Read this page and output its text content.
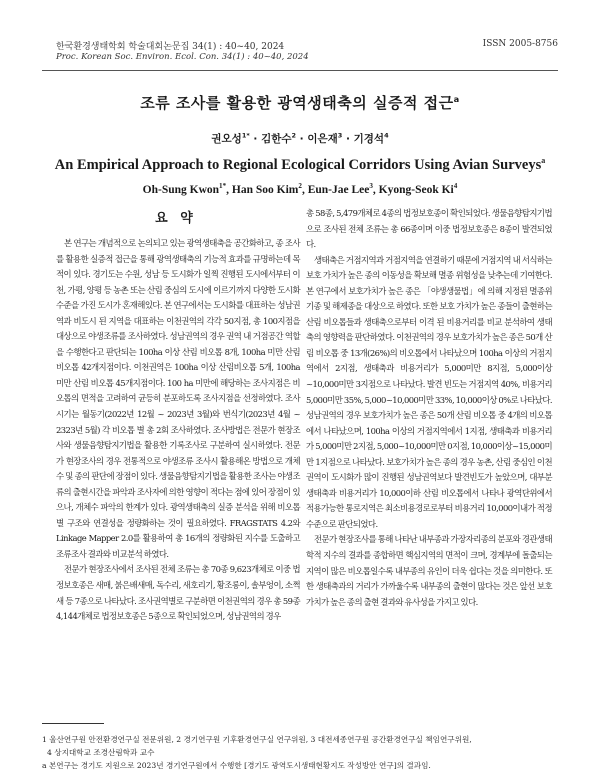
한국환경생태학회 학술대회논문집 34(1) : 40~40, 2024	ISSN 2005-8756
Proc. Korean Soc. Environ. Ecol. Con. 34(1) : 40~40, 2024
조류 조사를 활용한 광역생태축의 실증적 접근$^a$
권오성$^{1*}$ · 김한수$^2$ · 이은재$^3$ · 기경석$^4$
An Empirical Approach to Regional Ecological Corridors Using Avian Surveys$^a$
Oh-Sung Kwon$^{1*}$, Han Soo Kim$^2$, Eun-Jae Lee$^3$, Kyong-Seok Ki$^4$
요 약

본 연구는 개념적으로 논의되고 있는 광역생태축을 공간화하고, 종 조사를 활용한 실증적 접근을 통해 광역생태축의 기능적 효과를 규명하는데 목적이 있다. 경기도는 수원, 성남 등 도시화가 일찍 진행된 도시에서부터 이천, 가평, 양평 등 농촌 또는 산림 중심의 도시에 이르기까지 다양한 도시화 수준을 가진 도시가 혼재해있다. 본 연구에서는 도시화를 대표하는 성남권역과 비도시 된 지역을 대표하는 이천권역의 각각 50지점, 총 100지점을 대상으로 야생조류를 조사하였다. 성남권역의 경우 권역 내 거점공간 역할을 수행한다고 판단되는 100ha 이상 산림 비오톱 8개, 100ha 미만 산림 비오톱 42개지점이다. 이천권역은 100ha 이상 산림비오톱 5개, 100ha 미만 산림 비오톱 45개지점이다. 100 ha 미만에 해당하는 조사지점은 비오톱의 면적을 고려하여 균등히 분포하도록 조사지점을 선정하였다. 조사시기는 월동기(2022년 12월 ~ 2023년 3월)와 번식기(2023년 4월 ~ 2323년 5월) 각 비오톱 별 총 2회 조사하였다. 조사방법은 전문가 현장조사와 생물음향탐지기법을 활용한 기록조사로 구분하여 실시하였다. 전문가 현장조사의 경우 전통적으로 야생조류 조사시 활용해온 방법으로 개체수 및 종의 판단에 장점이 있다. 생물음향탐지기법을 활용한 조사는 야생조류의 출현시간을 파악과 조사자에 의한 영향이 적다는 점에 있어 장점이 있으나, 개체수 파악의 한계가 있다. 광역생태축의 실증 분석을 위해 비오톱별 구조와 연결성을 정량화하는 것이 필요하였다. FRAGSTATS 4.2와 Linkage Mapper 2.0를 활용하여 총 16개의 정량화된 지수를 도출하고 조류조사 결과와 비교분석 하였다.

전문가 현장조사에서 조사된 전체 조류는 총 70종 9,623개체로 이중 법정보호종은 새매, 붉은배새매, 독수리, 새호리기, 황조롱이, 솔부엉이, 소쩍새 등 7종으로 나타났다. 조사권역별로 구분하면 이천권역의 경우 총 59종 4,144개체로 법정보호종은 5종으로 확인되었으며, 성남권역의 경우

총 58종, 5,479개체로 4종의 법정보호종이 확인되었다. 생물음향탐지기법으로 조사된 전체 조류는 총 66종이며 이중 법정보호종은 8종이 발견되었다.

생태축은 거점지역과 거점지역을 연결하기 때문에 거점지역 내 서식하는 보호 가치가 높은 종의 이동성을 확보해 멸종 위험성을 낮추는데 기여한다. 본 연구에서 보호가치가 높은 종은 「야생생물법」에 의해 지정된 멸종위기종 및 해제종을 대상으로 하였다. 또한 보호 가치가 높은 종들이 출현하는 산림 비오톱들과 생태축으로부터 이격 된 비용거리를 비교 분석하여 생태축의 영향력을 판단하였다. 이천권역의 경우 보호가치가 높은 종은 50개 산림 비오톱 중 13개(26%)의 비오톱에서 나타났으며 100ha 이상의 거점지역에서 2지점, 생태축과 비용거리가 5,000미만 8지점, 5,000이상 ~10,000미만 3지점으로 나타났다. 발견 빈도는 거점지역 40%, 비용거리 5,000미만 35%, 5,000~10,000미만 33%, 10,000이상 0%로 나타났다. 성남권역의 경우 보호가치가 높은 종은 50개 산림 비오톱 중 4개의 비오톱에서 나타났으며, 100ha 이상의 거점지역에서 1지점, 생태축과 비용거리가 5,000미만 2지점, 5,000~10,000미만 0지점, 10,000이상~15,000미만 1지점으로 나타났다. 보호가치가 높은 종의 경우 농촌, 산림 중심인 이천권역이 도시화가 많이 진행된 성남권역보다 발견빈도가 높았으며, 대부분 생태축과 비용거리가 10,000이하 산림 비오톱에서 나타나 광역단위에서 적용가능한 통로지역은 최소비용경로로부터 비용거리 10,000이내가 적정수준으로 판단되었다.

전문가 현장조사를 통해 나타난 내부종과 가장자리종의 분포와 경관생태학적 지수의 결과를 종합하면 핵심지역의 면적이 크며, 경계부에 돌출되는 지역이 많은 비오톱일수록 내부종의 유인이 더욱 쉽다는 것을 의미한다. 또한 생태축과의 거리가 가까울수록 내부종의 출현이 많다는 것은 앞선 보호가치가 높은 종의 출현 결과와 유사성을 가지고 있다.

1 울산연구원 안전환경연구실 전문위원, 2 경기연구원 기후환경연구실 연구위원, 3 대전세종연구원 공간환경연구실 책임연구위원,

4 상지대학교 조경산림학과 교수

a 본연구는 경기도 지원으로 2023년 경기연구원에서 수행한 [경기도 광역도시생태현황지도 작성방안 연구]의 결과임.
